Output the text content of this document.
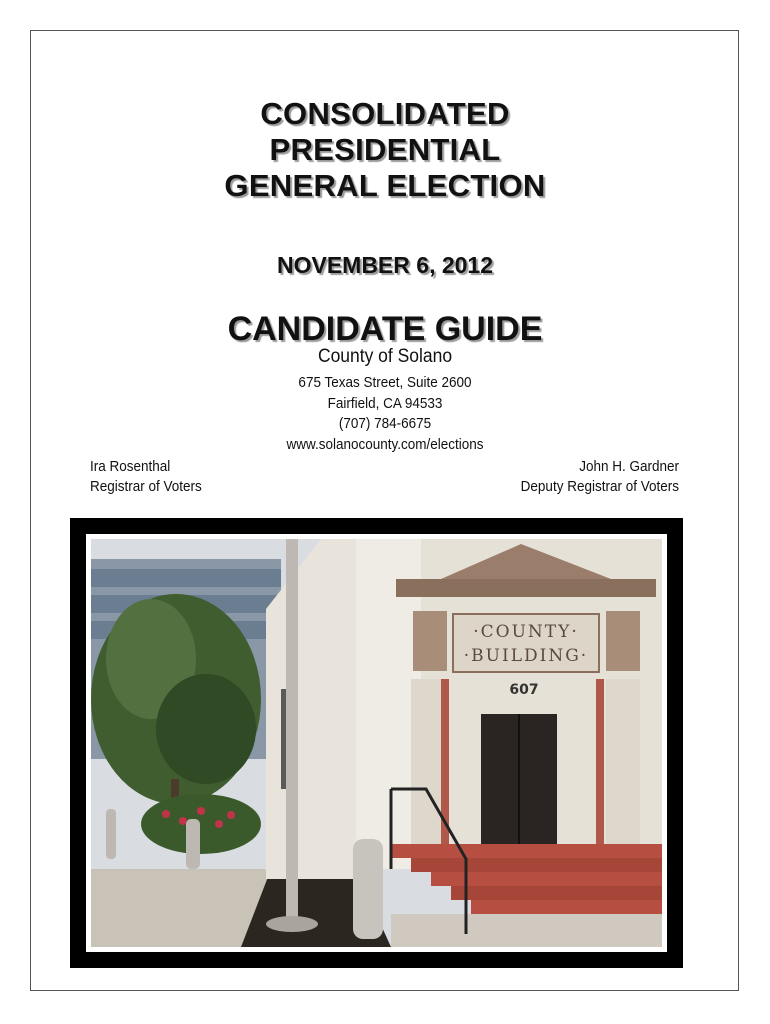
CONSOLIDATED
PRESIDENTIAL
GENERAL ELECTION
NOVEMBER 6, 2012
CANDIDATE GUIDE
County of Solano
675 Texas Street, Suite 2600
Fairfield, CA 94533
(707) 784-6675
www.solanocounty.com/elections
Ira Rosenthal
Registrar of Voters
John H. Gardner
Deputy Registrar of Voters
·COUNTY·
·BUILDING·
607
